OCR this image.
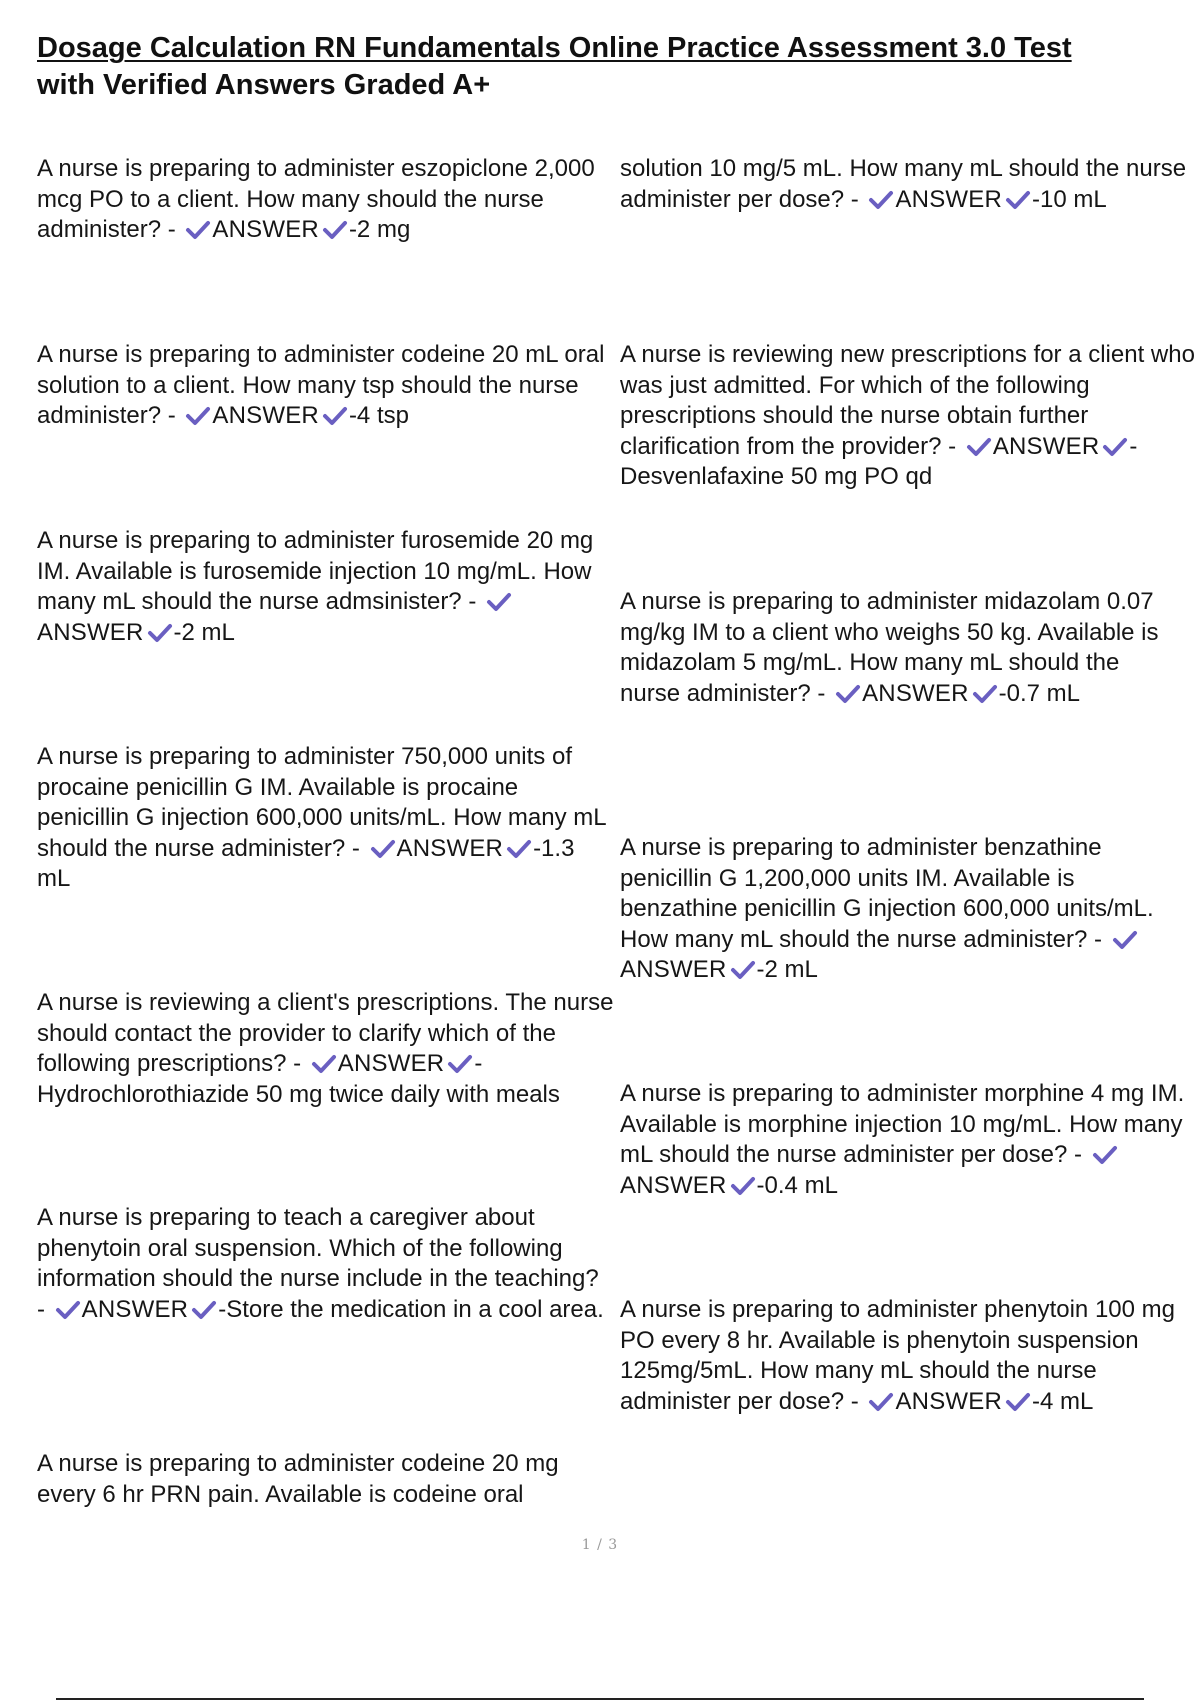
Dosage Calculation RN Fundamentals Online Practice Assessment 3.0 Test
with Verified Answers Graded A+
A nurse is preparing to administer eszopiclone 2,000 mcg PO to a client. How many should the nurse administer? - ANSWER -2 mg
A nurse is preparing to administer codeine 20 mL oral solution to a client. How many tsp should the nurse administer? - ANSWER -4 tsp
A nurse is preparing to administer furosemide 20 mg IM. Available is furosemide injection 10 mg/mL. How many mL should the nurse admsinister? -
ANSWER -2 mL
A nurse is preparing to administer 750,000 units of procaine penicillin G IM. Available is procaine penicillin G injection 600,000 units/mL. How many mL should the nurse administer? - ANSWER -1.3 mL
A nurse is reviewing a client's prescriptions. The nurse should contact the provider to clarify which of the following prescriptions? - ANSWER -Hydrochlorothiazide 50 mg twice daily with meals
A nurse is preparing to teach a caregiver about phenytoin oral suspension. Which of the following information should the nurse include in the teaching? - ANSWER -Store the medication in a cool area.
A nurse is preparing to administer codeine 20 mg every 6 hr PRN pain. Available is codeine oral
solution 10 mg/5 mL. How many mL should the nurse administer per dose? - ANSWER -10 mL
A nurse is reviewing new prescriptions for a client who was just admitted. For which of the following prescriptions should the nurse obtain further clarification from the provider? - ANSWER -Desvenlafaxine 50 mg PO qd
A nurse is preparing to administer midazolam 0.07 mg/kg IM to a client who weighs 50 kg. Available is midazolam 5 mg/mL. How many mL should the nurse administer? - ANSWER -0.7 mL
A nurse is preparing to administer benzathine penicillin G 1,200,000 units IM. Available is benzathine penicillin G injection 600,000 units/mL. How many mL should the nurse administer? -
ANSWER -2 mL
A nurse is preparing to administer morphine 4 mg IM. Available is morphine injection 10 mg/mL. How many mL should the nurse administer per dose? -
ANSWER -0.4 mL
A nurse is preparing to administer phenytoin 100 mg PO every 8 hr. Available is phenytoin suspension 125mg/5mL. How many mL should the nurse administer per dose? - ANSWER -4 mL
1 / 3
